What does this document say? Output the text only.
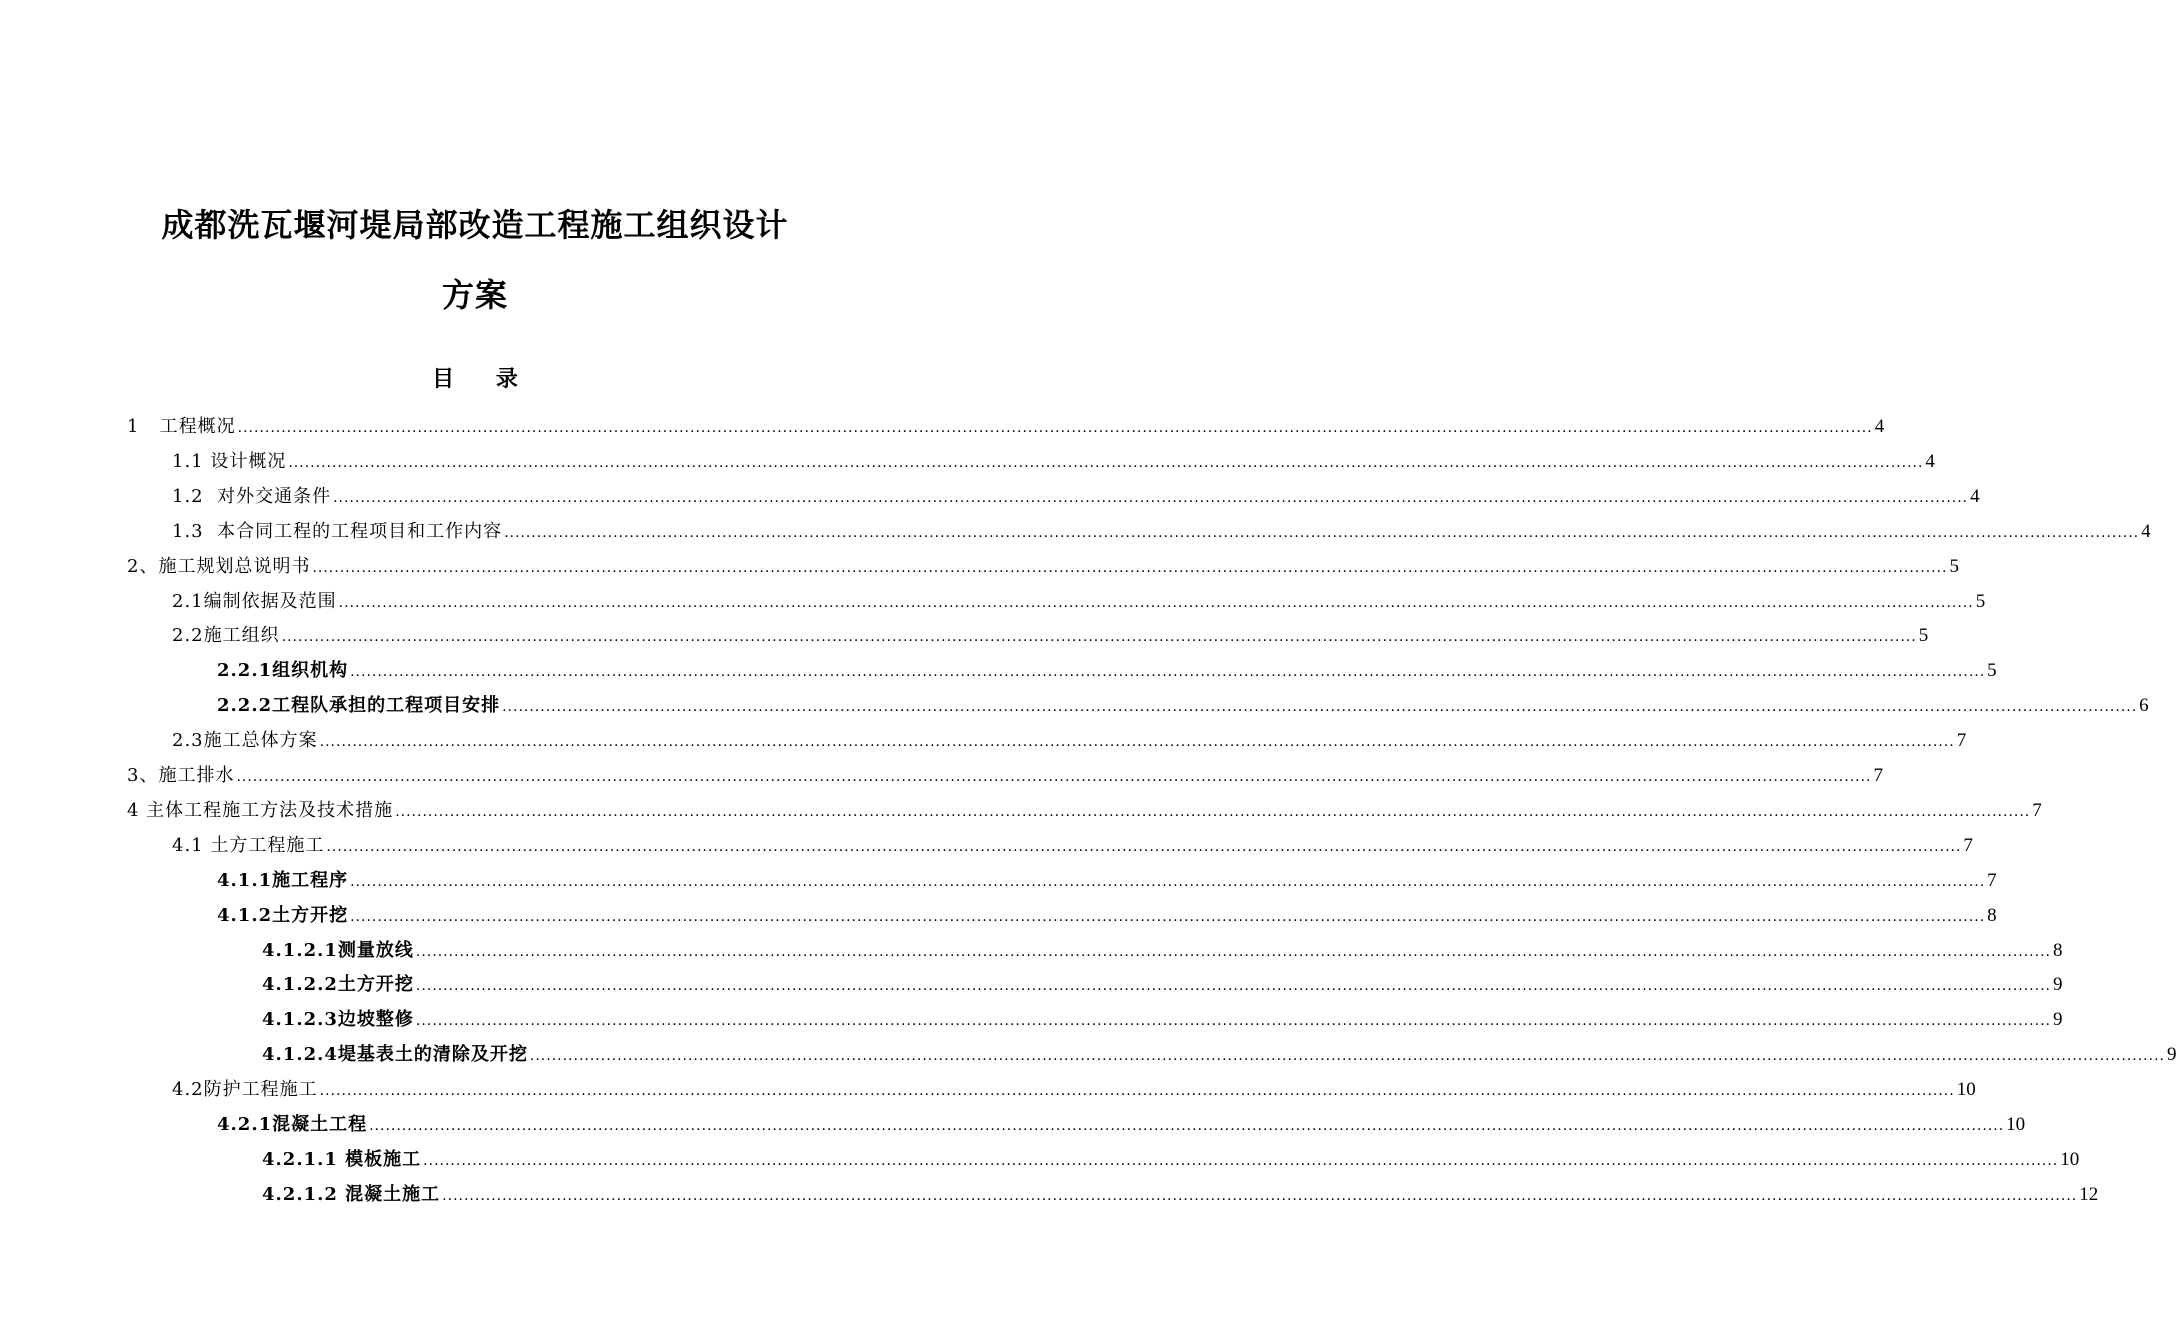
成都洗瓦堰河堤局部改造工程施工组织设计
方案
目 录
1   工程概况 ............................................................................................................................................................................................................................................................................................................ 4
1.1 设计概况 ............................................................................................................................................................................................................................................................................................................ 4
1.2  对外交通条件 ............................................................................................................................................................................................................................................................................................................ 4
1.3  本合同工程的工程项目和工作内容 ............................................................................................................................................................................................................................................................................................................ 4
2、施工规划总说明书 ............................................................................................................................................................................................................................................................................................................ 5
2.1编制依据及范围 ............................................................................................................................................................................................................................................................................................................ 5
2.2施工组织 ............................................................................................................................................................................................................................................................................................................ 5
2.2.1组织机构 ............................................................................................................................................................................................................................................................................................................ 5
2.2.2工程队承担的工程项目安排 ............................................................................................................................................................................................................................................................................................................ 6
2.3施工总体方案 ............................................................................................................................................................................................................................................................................................................ 7
3、施工排水 ............................................................................................................................................................................................................................................................................................................ 7
4 主体工程施工方法及技术措施 ............................................................................................................................................................................................................................................................................................................ 7
4.1 土方工程施工 ............................................................................................................................................................................................................................................................................................................ 7
4.1.1施工程序 ............................................................................................................................................................................................................................................................................................................ 7
4.1.2土方开挖 ............................................................................................................................................................................................................................................................................................................ 8
4.1.2.1测量放线 ............................................................................................................................................................................................................................................................................................................ 8
4.1.2.2土方开挖 ............................................................................................................................................................................................................................................................................................................ 9
4.1.2.3边坡整修 ............................................................................................................................................................................................................................................................................................................ 9
4.1.2.4堤基表土的清除及开挖 ............................................................................................................................................................................................................................................................................................................ 9
4.2防护工程施工 ............................................................................................................................................................................................................................................................................................................ 10
4.2.1混凝土工程 ............................................................................................................................................................................................................................................................................................................ 10
4.2.1.1 模板施工 ............................................................................................................................................................................................................................................................................................................ 10
4.2.1.2 混凝土施工 ............................................................................................................................................................................................................................................................................................................ 12
